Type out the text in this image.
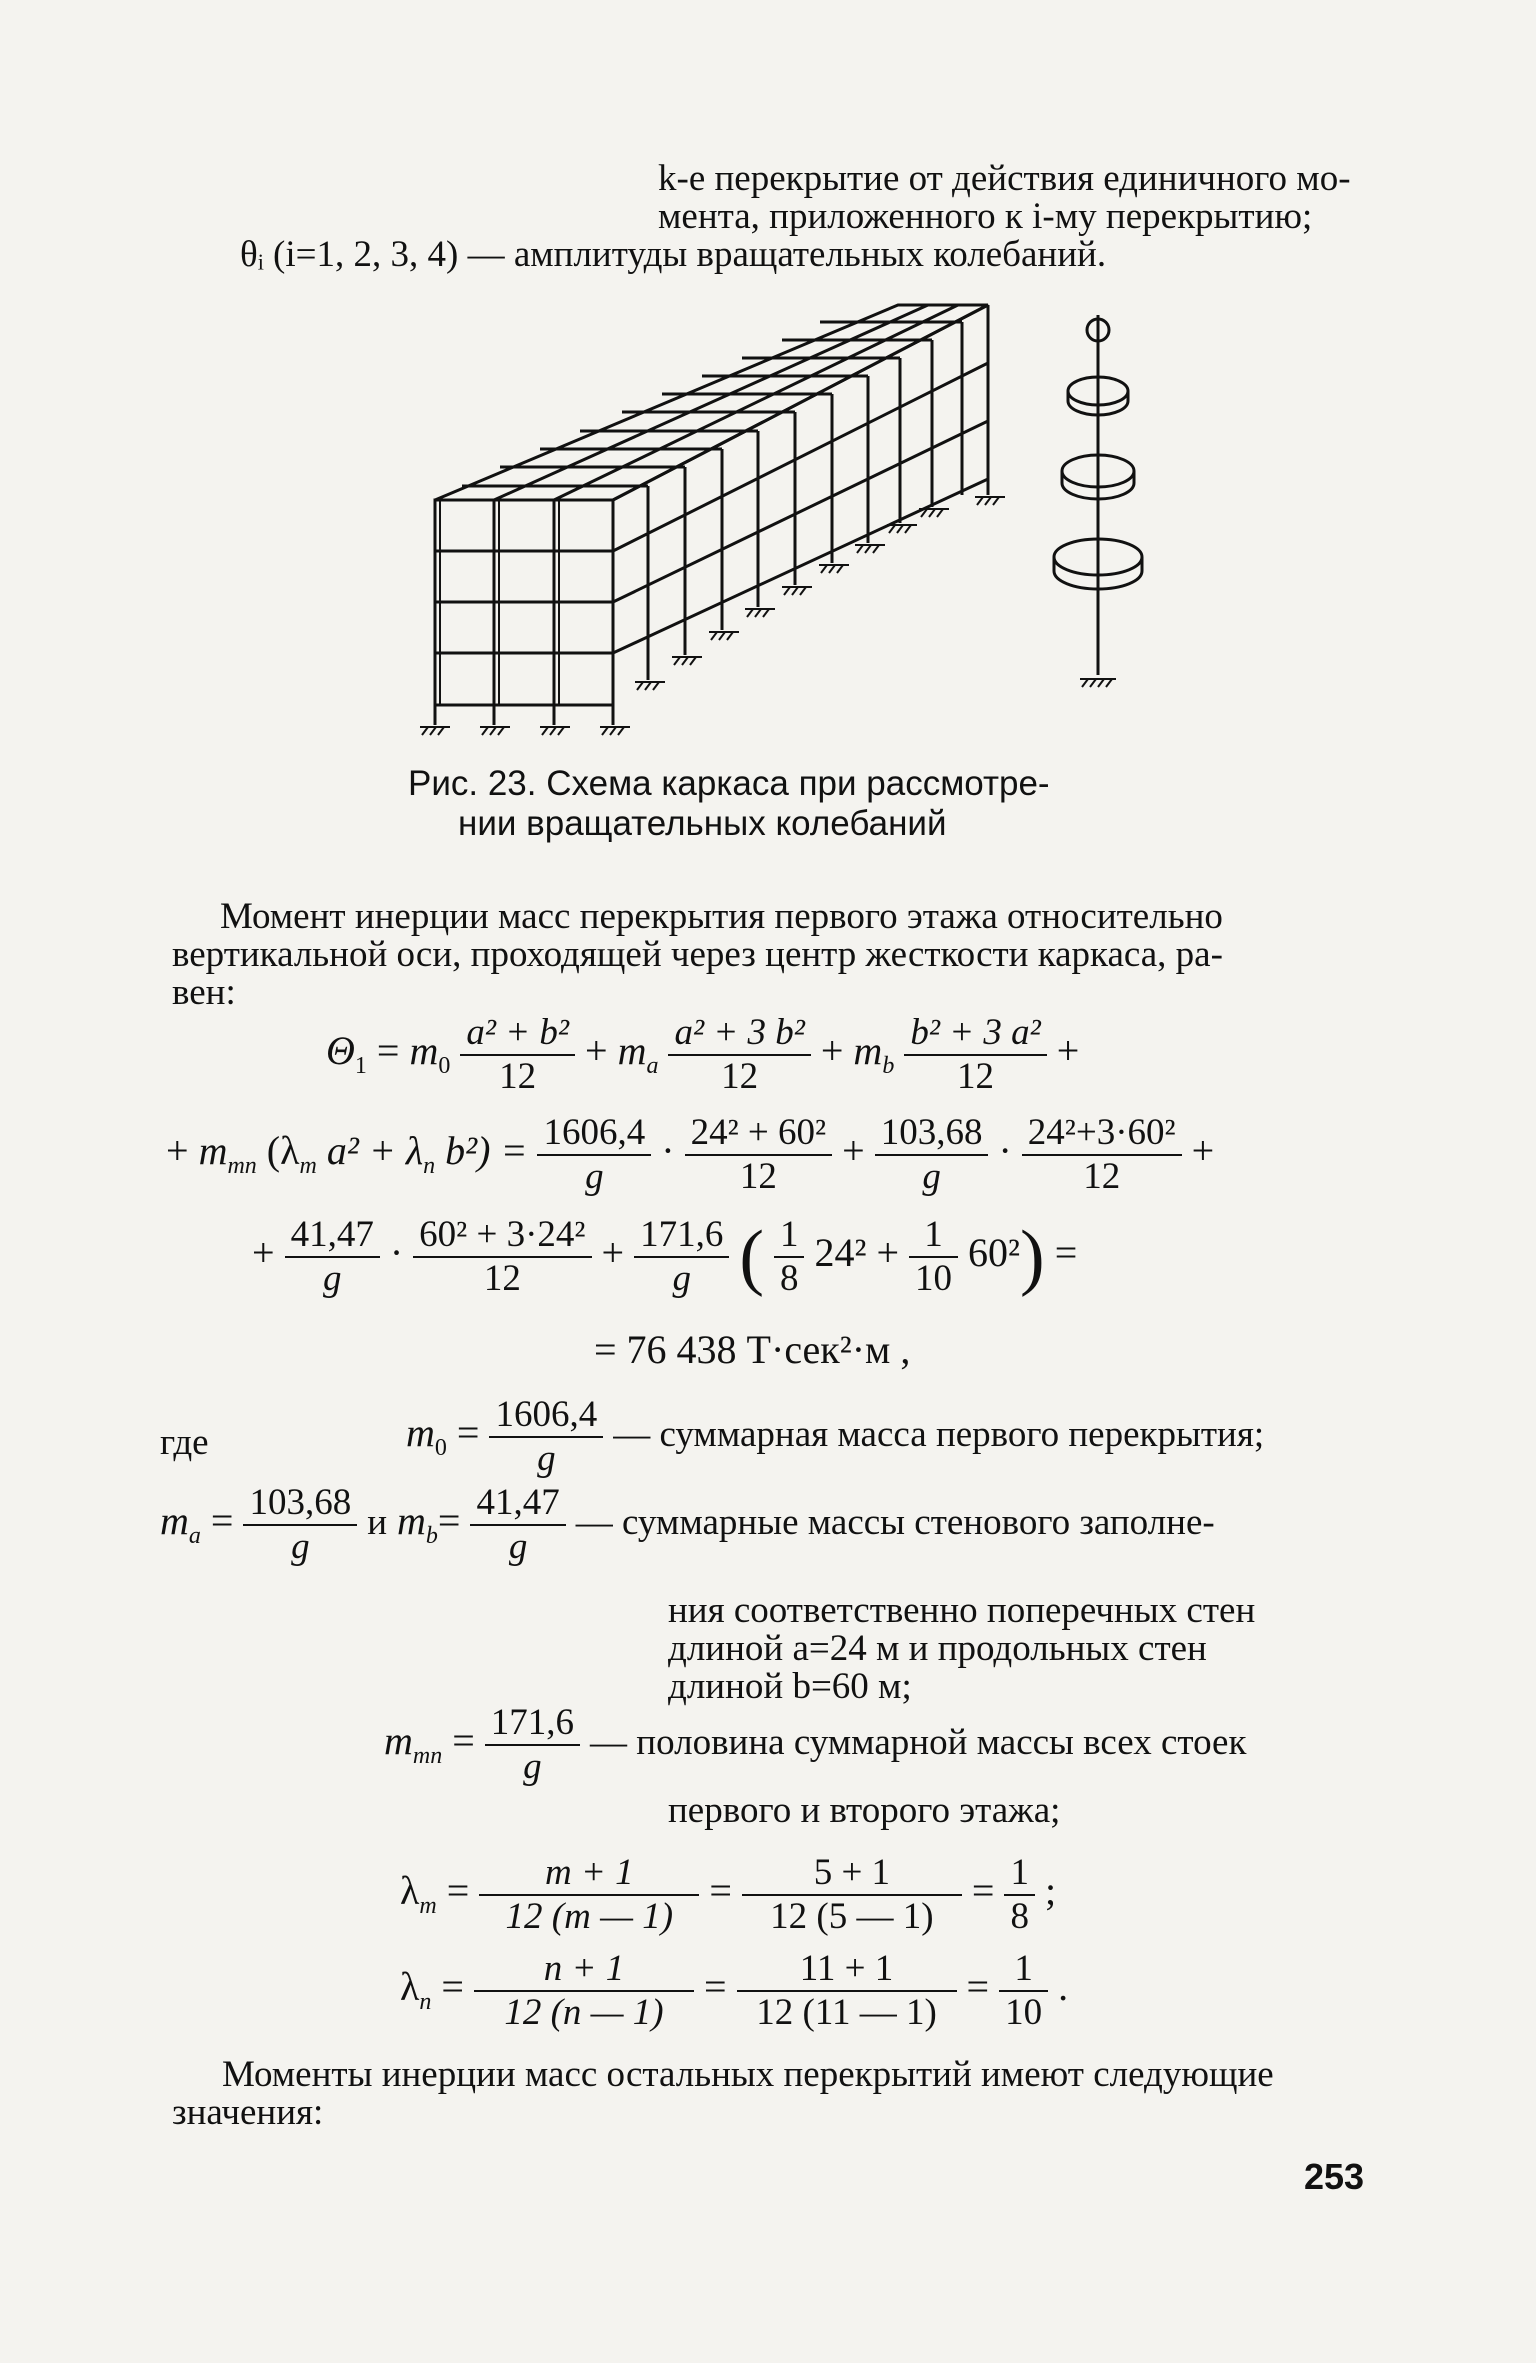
k-е перекрытие от действия единичного мо-
мента, приложенного к i-му перекрытию;
θᵢ (i=1, 2, 3, 4) — амплитуды вращательных колебаний.
Рис. 23. Схема каркаса при рассмотре-
нии вращательных колебаний
Момент инерции масс перекрытия первого этажа относительно
вертикальной оси, проходящей через центр жесткости каркаса, ра-
вен:
$\Theta_1 = m_0 \frac{\text{a² + b²}}{12} + m_a \frac{\text{a² + 3 b²}}{12} + m_b \frac{\text{b² + 3 a²}}{12}$ +
+ $m_{mn}$ ($\lambda_m$ $a^2 + \lambda_n$ $b^2) = \frac{1606,4}{g} \cdot \frac{\text{24² + 60²}}{12} + \frac{103,68}{g} \cdot \frac{\text{24²+3·60²}}{12}$ +
+ $\frac{41,47}{g} \cdot \frac{\text{60² + 3·24²}}{12} + \frac{171,6}{g}$ ( $\frac{1}{8} 24^2 + \frac{1}{10} 60^2$) =
= 76 438 Т·сек²·м ,
где	$m_0 = \frac{1606,4}{g}$ — суммарная масса первого перекрытия;
$m_a = \frac{103,68}{g}$ и $m_b= \frac{41,47}{g}$ — суммарные массы стенового заполне-
ния соответственно поперечных стен
длиной a=24 м и продольных стен
длиной b=60 м;
$m_{mn} = \frac{171,6}{g}$ — половина суммарной массы всех стоек
первого и второго этажа;
$\lambda_m = \frac{m + 1}{12 (m — 1)} = \frac{5 + 1}{12 (5 — 1)} = \frac{1}{8}$ ;
$\lambda_n = \frac{n + 1}{12 (n — 1)} = \frac{11 + 1}{12 (11 — 1)} = \frac{1}{10}$ .
Моменты инерции масс остальных перекрытий имеют следующие
значения:
253
